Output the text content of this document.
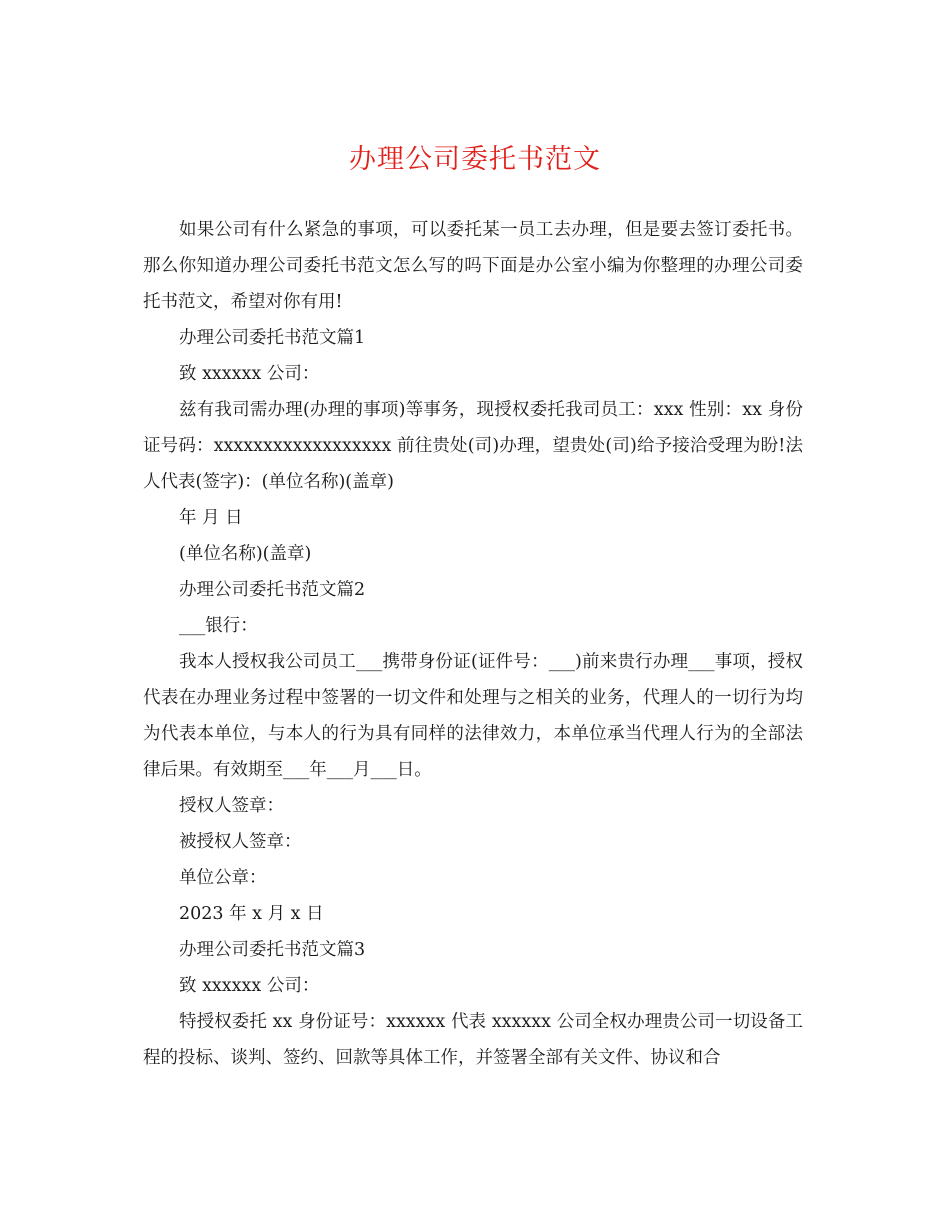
办理公司委托书范文

如果公司有什么紧急的事项，可以委托某一员工去办理，但是要去签订委托书。那么你知道办理公司委托书范文怎么写的吗下面是办公室小编为你整理的办理公司委托书范文，希望对你有用!

办理公司委托书范文篇1

致 xxxxxx 公司：

兹有我司需办理(办理的事项)等事务，现授权委托我司员工：xxx 性别：xx 身份证号码：xxxxxxxxxxxxxxxxxx 前往贵处(司)办理，望贵处(司)给予接洽受理为盼!法人代表(签字)：(单位名称)(盖章)

年 月 日

(单位名称)(盖章)

办理公司委托书范文篇2

___银行：

我本人授权我公司员工___携带身份证(证件号：___)前来贵行办理___事项，授权代表在办理业务过程中签署的一切文件和处理与之相关的业务，代理人的一切行为均为代表本单位，与本人的行为具有同样的法律效力，本单位承当代理人行为的全部法律后果。有效期至___年___月___日。

授权人签章：

被授权人签章：

单位公章：

2023 年 x 月 x 日

办理公司委托书范文篇3

致 xxxxxx 公司：

特授权委托 xx 身份证号：xxxxxx 代表 xxxxxx 公司全权办理贵公司一切设备工程的投标、谈判、签约、回款等具体工作，并签署全部有关文件、协议和合
